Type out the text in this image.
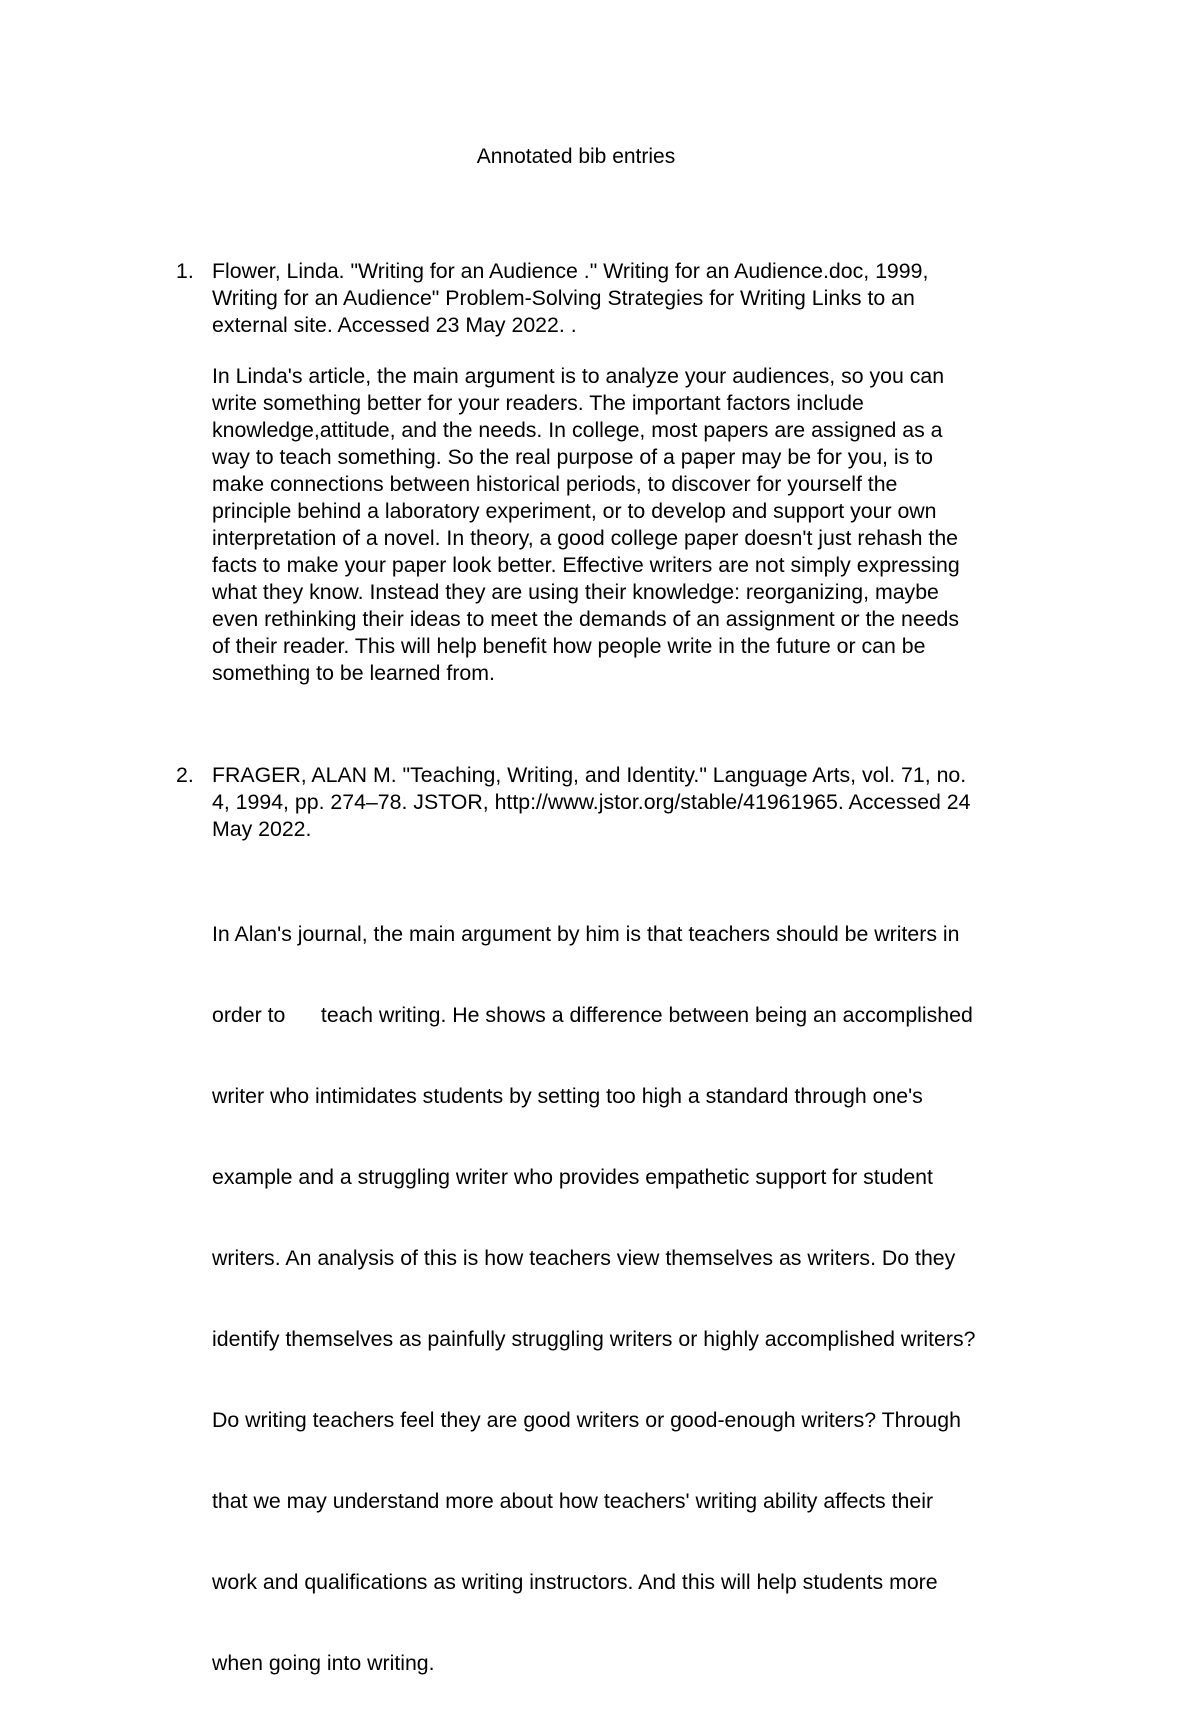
Annotated bib entries
1. Flower, Linda. "Writing for an Audience ." Writing for an Audience.doc, 1999,
Writing for an Audience" Problem-Solving Strategies for Writing Links to an
external site. Accessed 23 May 2022. .

In Linda's article, the main argument is to analyze your audiences, so you can
write something better for your readers. The important factors include
knowledge,attitude, and the needs. In college, most papers are assigned as a
way to teach something. So the real purpose of a paper may be for you, is to
make connections between historical periods, to discover for yourself the
principle behind a laboratory experiment, or to develop and support your own
interpretation of a novel. In theory, a good college paper doesn't just rehash the
facts to make your paper look better. Effective writers are not simply expressing
what they know. Instead they are using their knowledge: reorganizing, maybe
even rethinking their ideas to meet the demands of an assignment or the needs
of their reader. This will help benefit how people write in the future or can be
something to be learned from.

2. FRAGER, ALAN M. "Teaching, Writing, and Identity." Language Arts, vol. 71, no.
4, 1994, pp. 274–78. JSTOR, http://www.jstor.org/stable/41961965. Accessed 24
May 2022.

In Alan's journal, the main argument by him is that teachers should be writers in

order to      teach writing. He shows a difference between being an accomplished

writer who intimidates students by setting too high a standard through one's

example and a struggling writer who provides empathetic support for student

writers. An analysis of this is how teachers view themselves as writers. Do they

identify themselves as painfully struggling writers or highly accomplished writers?

Do writing teachers feel they are good writers or good-enough writers? Through

that we may understand more about how teachers' writing ability affects their

work and qualifications as writing instructors. And this will help students more

when going into writing.
